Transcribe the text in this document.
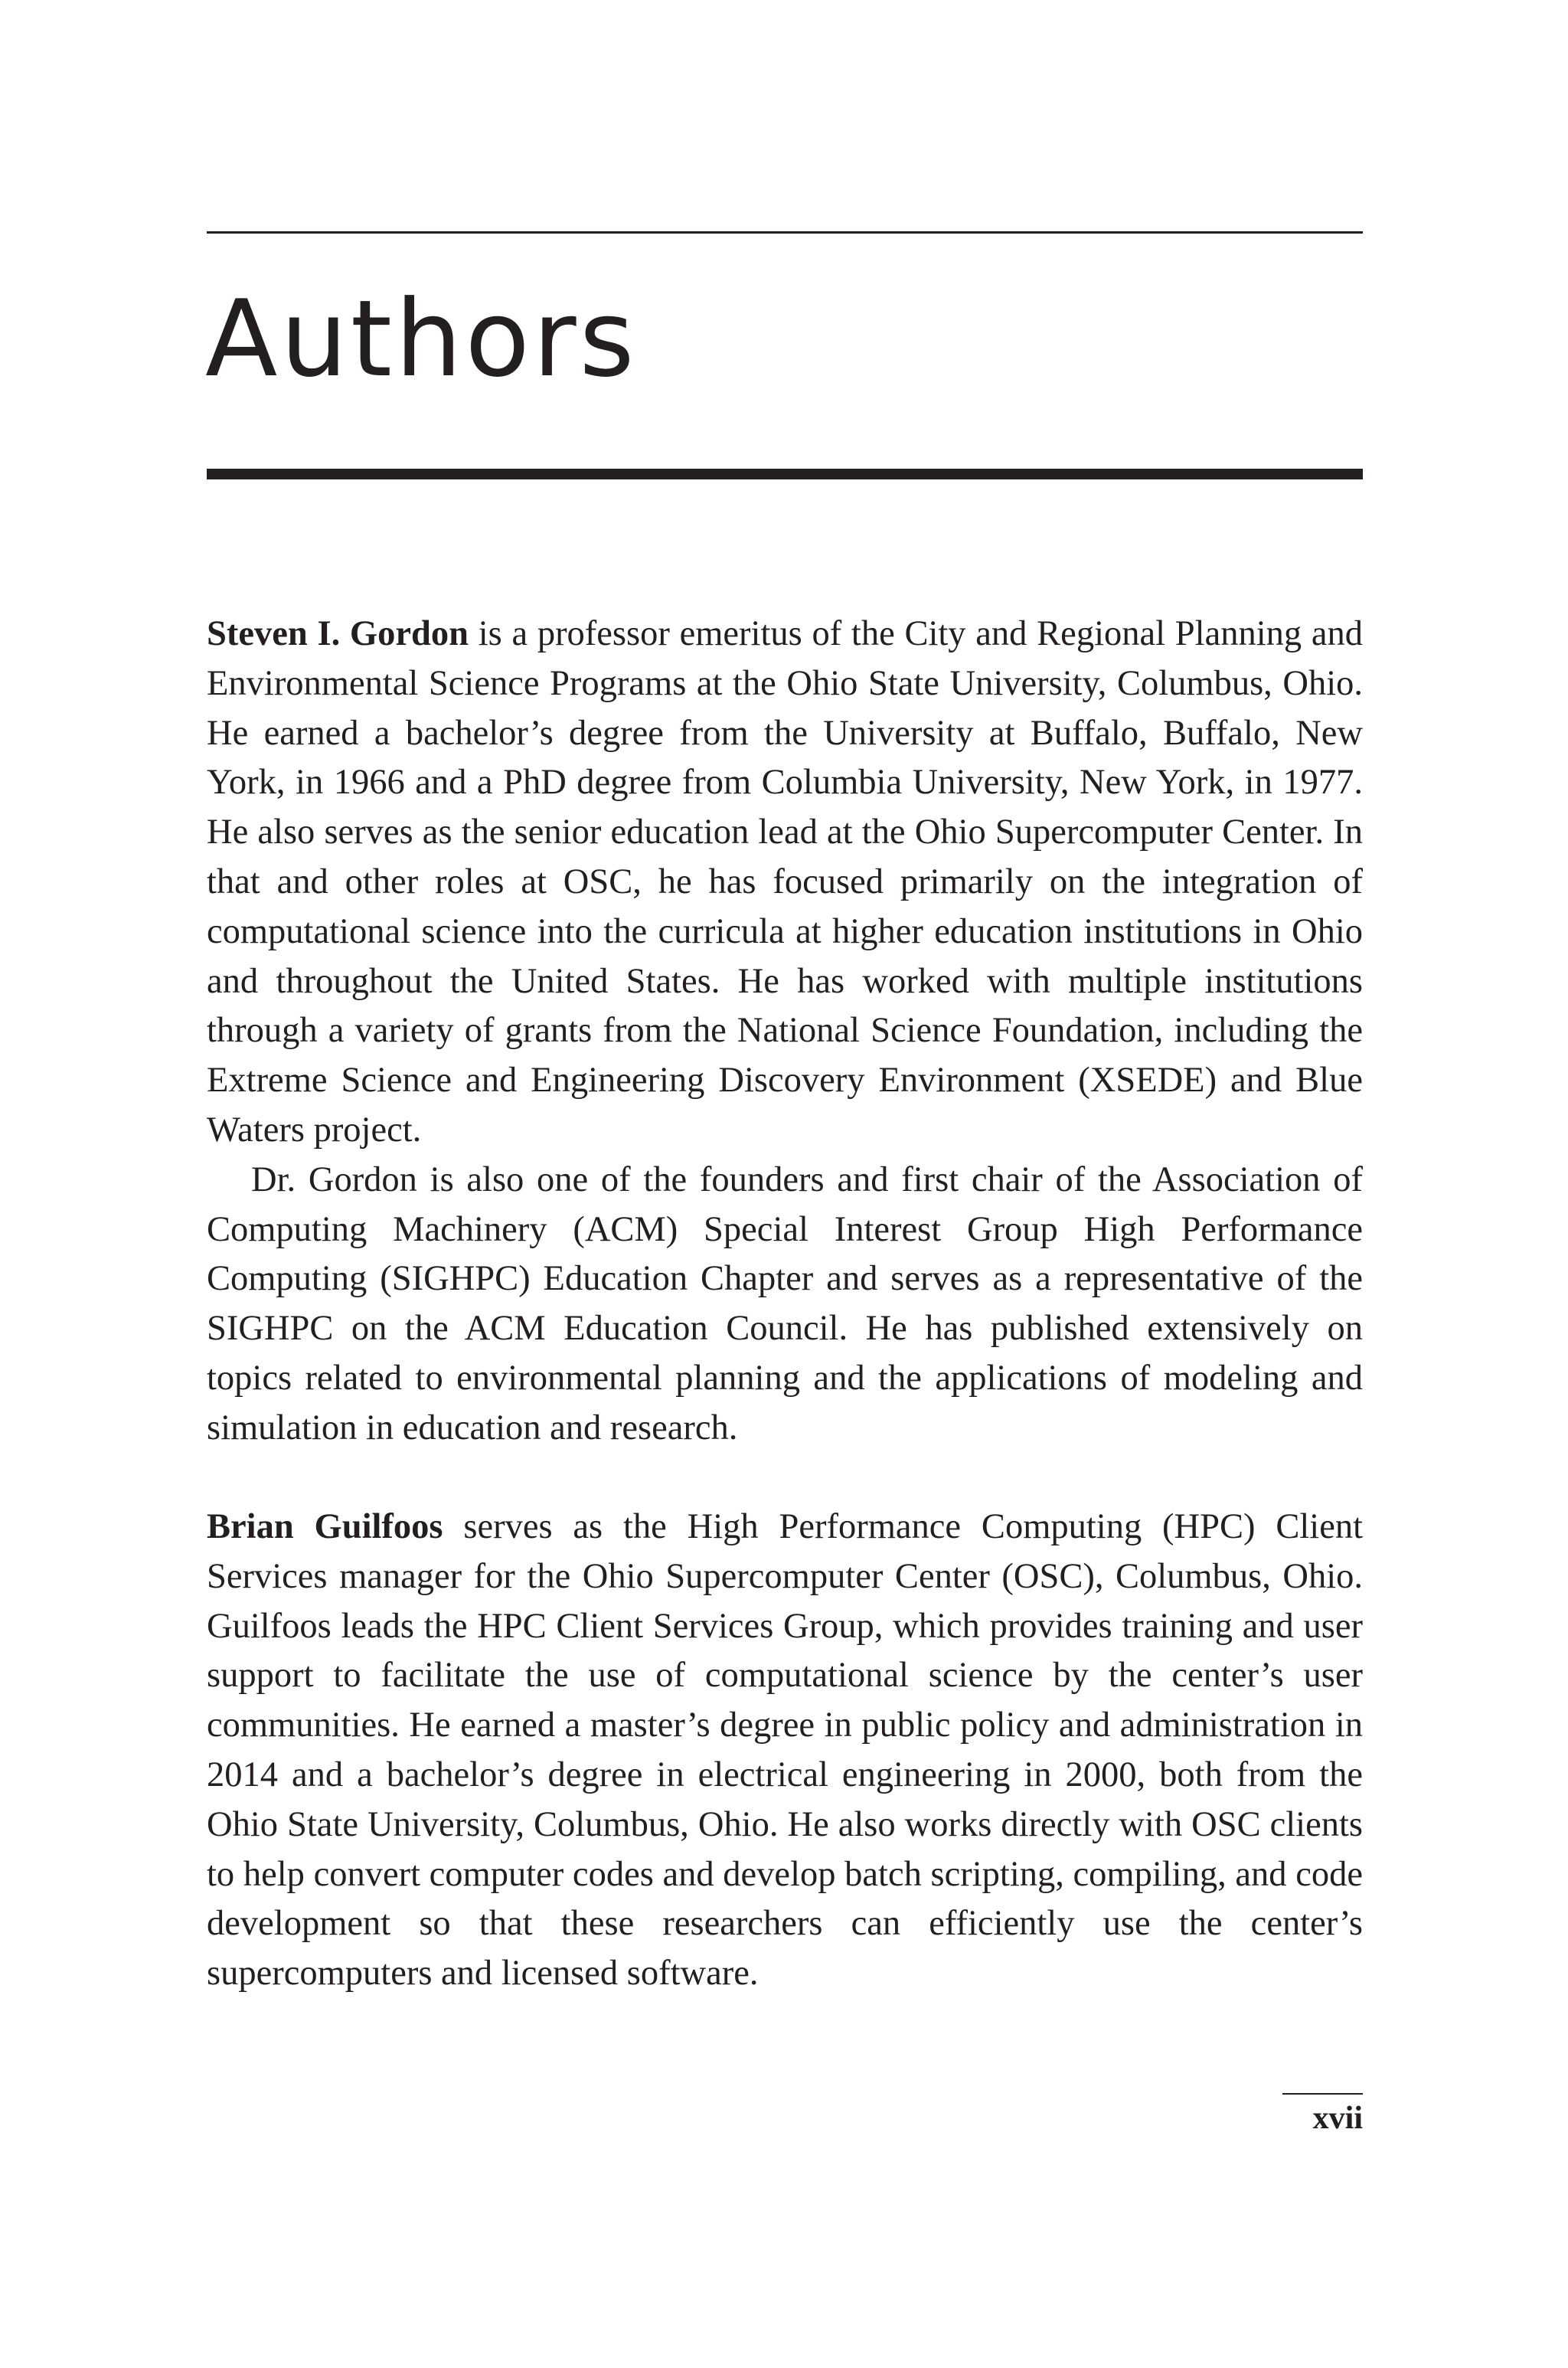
Authors

Steven I. Gordon is a professor emeritus of the City and Regional Planning and Environmental Science Programs at the Ohio State University, Columbus, Ohio. He earned a bachelor’s degree from the University at Buffalo, Buffalo, New York, in 1966 and a PhD degree from Columbia University, New York, in 1977. He also serves as the senior education lead at the Ohio Supercomputer Center. In that and other roles at OSC, he has focused primarily on the integration of computational science into the curricula at higher education institutions in Ohio and throughout the United States. He has worked with multiple institutions through a variety of grants from the National Science Foundation, including the Extreme Science and Engineering Discovery Environment (XSEDE) and Blue Waters project.

Dr. Gordon is also one of the founders and first chair of the Association of Computing Machinery (ACM) Special Interest Group High Performance Computing (SIGHPC) Education Chapter and serves as a representative of the SIGHPC on the ACM Education Council. He has published extensively on topics related to environmental planning and the applications of modeling and simulation in education and research.

Brian Guilfoos serves as the High Performance Computing (HPC) Client Services manager for the Ohio Supercomputer Center (OSC), Columbus, Ohio. Guilfoos leads the HPC Client Services Group, which provides training and user support to facilitate the use of computational science by the center’s user communities. He earned a master’s degree in public policy and administration in 2014 and a bachelor’s degree in electrical engineering in 2000, both from the Ohio State University, Columbus, Ohio. He also works directly with OSC clients to help convert computer codes and develop batch scripting, compiling, and code development so that these researchers can efficiently use the center’s supercomputers and licensed software.

xvii
